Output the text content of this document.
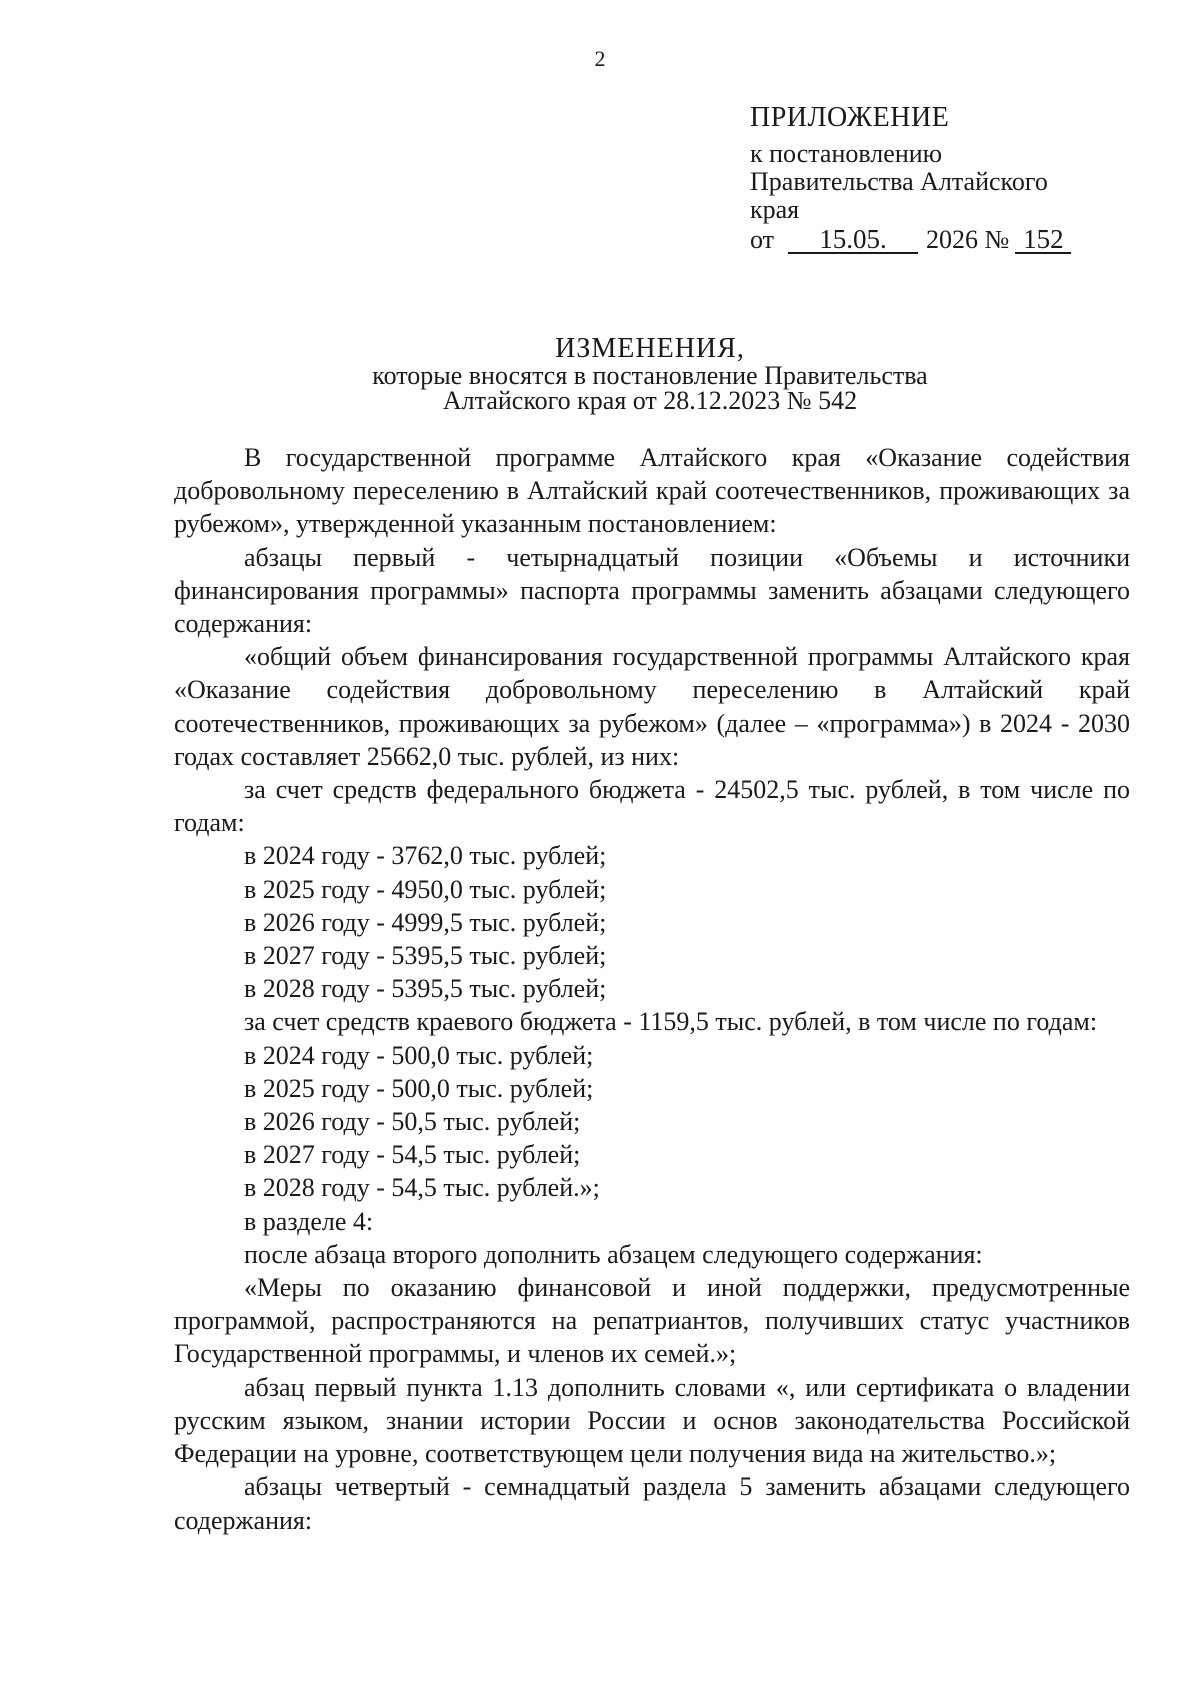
2
ПРИЛОЖЕНИЕ
к постановлению
Правительства Алтайского
края
от 15.05. 2026 № 152
ИЗМЕНЕНИЯ,
которые вносятся в постановление Правительства
Алтайского края от 28.12.2023 № 542

В государственной программе Алтайского края «Оказание содействия добровольному переселению в Алтайский край соотечественников, проживающих за рубежом», утвержденной указанным постановлением:

абзацы первый - четырнадцатый позиции «Объемы и источники финансирования программы» паспорта программы заменить абзацами следующего содержания:

«общий объем финансирования государственной программы Алтайского края «Оказание содействия добровольному переселению в Алтайский край соотечественников, проживающих за рубежом» (далее – «программа») в 2024 - 2030 годах составляет 25662,0 тыс. рублей, из них:

за счет средств федерального бюджета - 24502,5 тыс. рублей, в том числе по годам:

в 2024 году - 3762,0 тыс. рублей;

в 2025 году - 4950,0 тыс. рублей;

в 2026 году - 4999,5 тыс. рублей;

в 2027 году - 5395,5 тыс. рублей;

в 2028 году - 5395,5 тыс. рублей;

за счет средств краевого бюджета - 1159,5 тыс. рублей, в том числе по годам:

в 2024 году - 500,0 тыс. рублей;

в 2025 году - 500,0 тыс. рублей;

в 2026 году - 50,5 тыс. рублей;

в 2027 году - 54,5 тыс. рублей;

в 2028 году - 54,5 тыс. рублей.»;

в разделе 4:

после абзаца второго дополнить абзацем следующего содержания:

«Меры по оказанию финансовой и иной поддержки, предусмотренные программой, распространяются на репатриантов, получивших статус участников Государственной программы, и членов их семей.»;

абзац первый пункта 1.13 дополнить словами «, или сертификата о владении русским языком, знании истории России и основ законодательства Российской Федерации на уровне, соответствующем цели получения вида на жительство.»;

абзацы четвертый - семнадцатый раздела 5 заменить абзацами следующего содержания:
